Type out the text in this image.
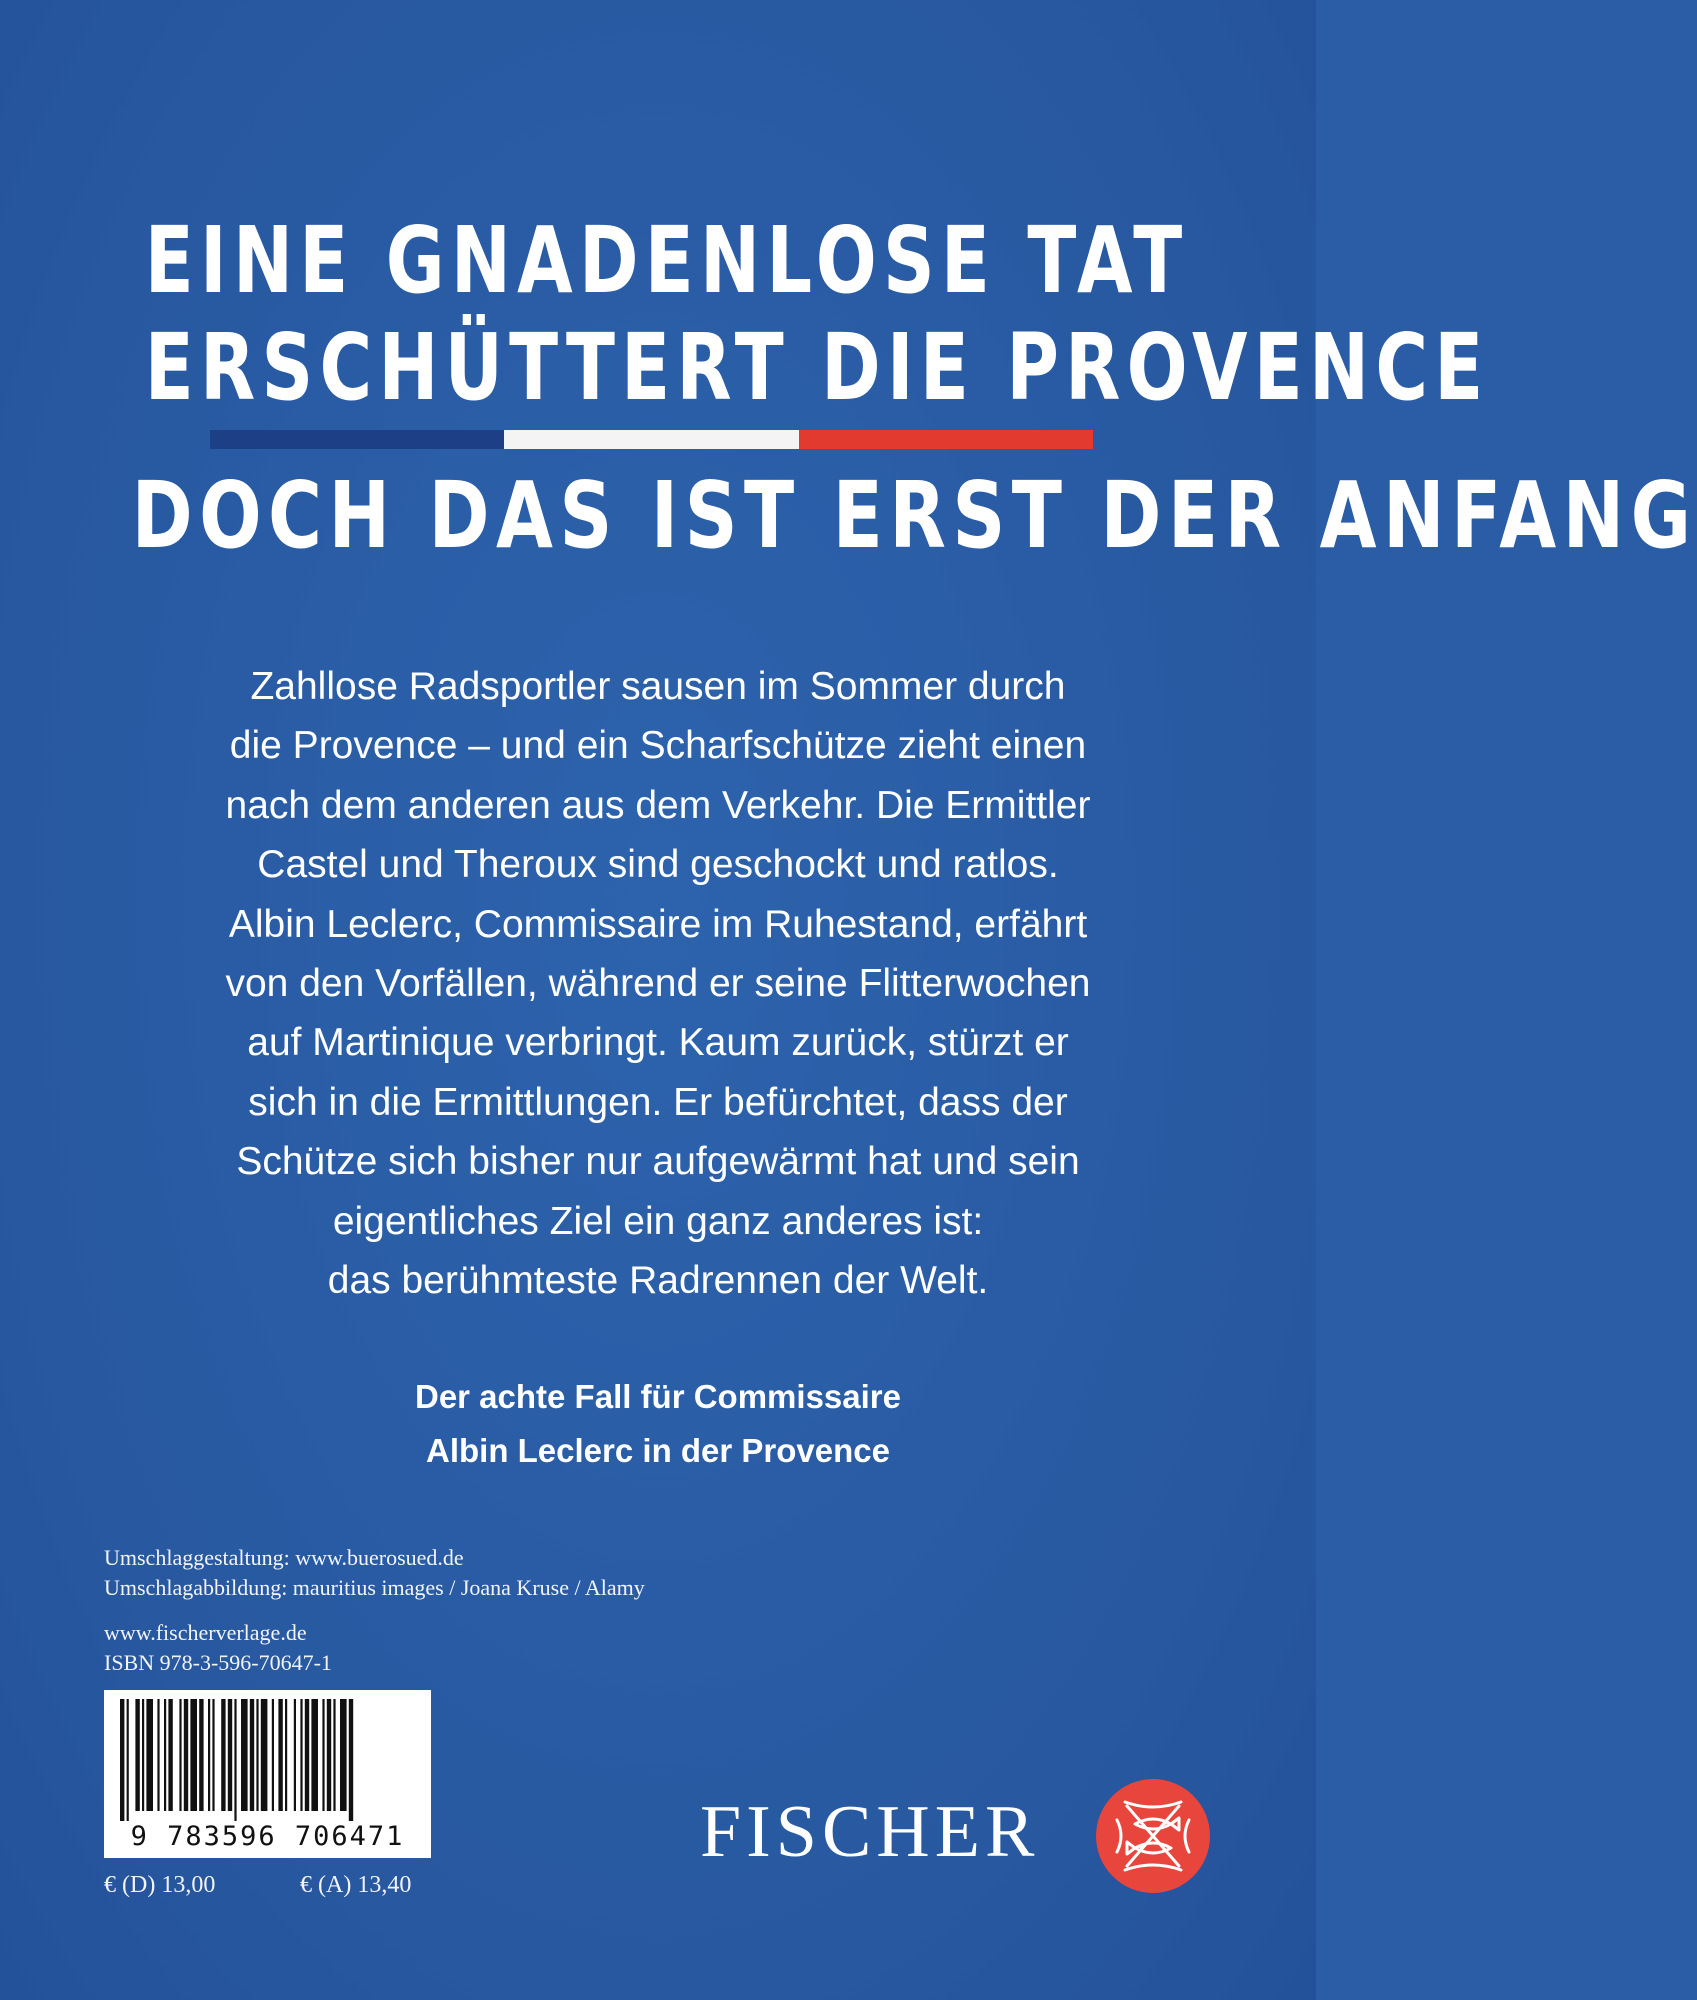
EINE GNADENLOSE TAT
ERSCHÜTTERT DIE PROVENCE
DOCH DAS IST ERST DER ANFANG
Zahllose Radsportler sausen im Sommer durch
die Provence – und ein Scharfschütze zieht einen
nach dem anderen aus dem Verkehr. Die Ermittler
Castel und Theroux sind geschockt und ratlos.
Albin Leclerc, Commissaire im Ruhestand, erfährt
von den Vorfällen, während er seine Flitterwochen
auf Martinique verbringt. Kaum zurück, stürzt er
sich in die Ermittlungen. Er befürchtet, dass der
Schütze sich bisher nur aufgewärmt hat und sein
eigentliches Ziel ein ganz anderes ist:
das berühmteste Radrennen der Welt.
Der achte Fall für Commissaire
Albin Leclerc in der Provence
Umschlaggestaltung: www.buerosued.de
Umschlagabbildung: mauritius images / Joana Kruse / Alamy
www.fischerverlage.de
ISBN 978-3-596-70647-1
9 783596 706471
€ (D) 13,00	€ (A) 13,40
FISCHER
